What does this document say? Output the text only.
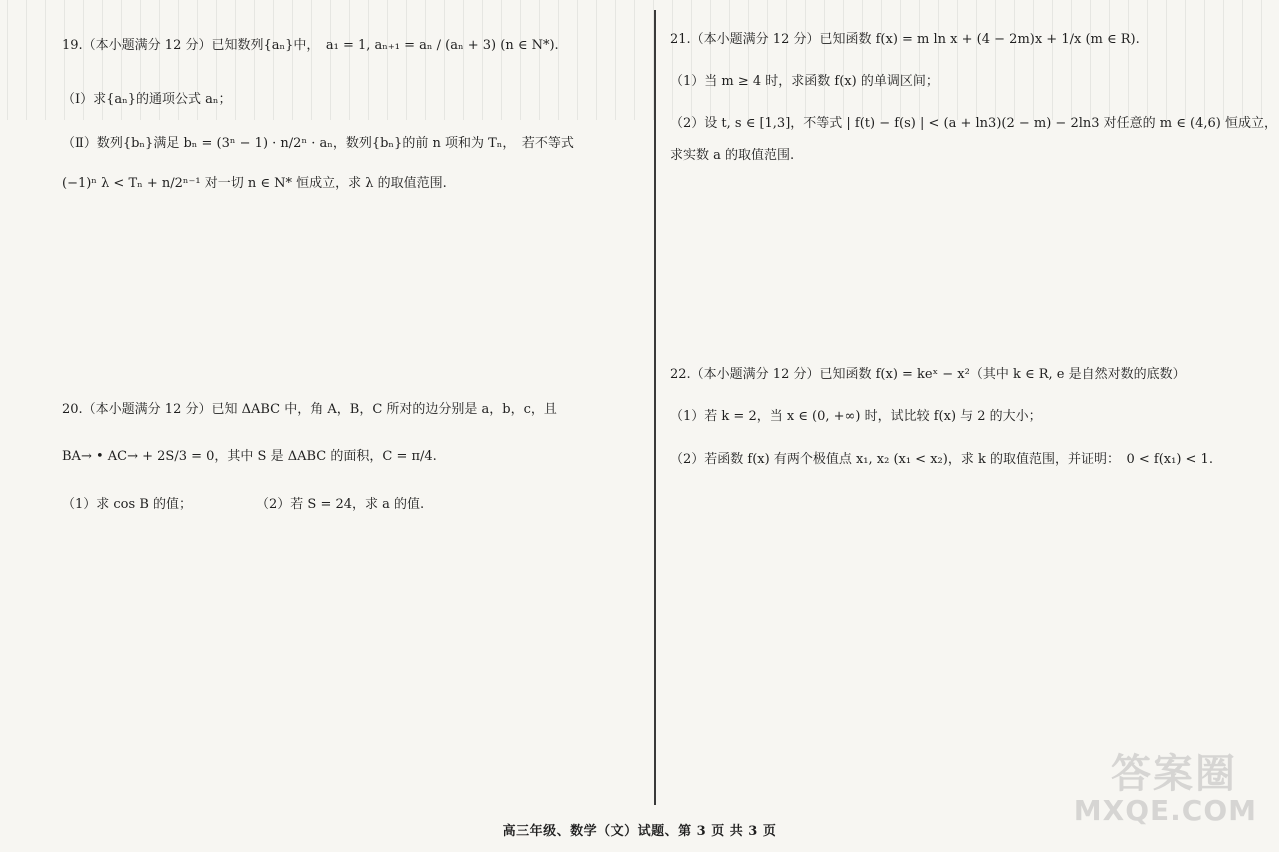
19.（本小题满分 12 分）已知数列{aₙ}中，　a₁ = 1, aₙ₊₁ = aₙ / (aₙ + 3) (n ∈ N*).
（Ⅰ）求{aₙ}的通项公式 aₙ；
（Ⅱ）数列{bₙ}满足 bₙ = (3ⁿ − 1) · n/2ⁿ · aₙ，数列{bₙ}的前 n 项和为 Tₙ，　若不等式
(−1)ⁿ λ < Tₙ + n/2ⁿ⁻¹ 对一切 n ∈ N* 恒成立，求 λ 的取值范围.
20.（本小题满分 12 分）已知 ΔABC 中，角 A，B，C 所对的边分别是 a，b，c，且
BA→ • AC→ + 2S/3 = 0，其中 S 是 ΔABC 的面积，C = π/4.
（1）求 cos B 的值；	（2）若 S = 24，求 a 的值.
21.（本小题满分 12 分）已知函数 f(x) = m ln x + (4 − 2m)x + 1/x (m ∈ R).
（1）当 m ≥ 4 时，求函数 f(x) 的单调区间；
（2）设 t, s ∈ [1,3]，不等式 | f(t) − f(s) | < (a + ln3)(2 − m) − 2ln3 对任意的 m ∈ (4,6) 恒成立，
求实数 a 的取值范围.
22.（本小题满分 12 分）已知函数 f(x) = keˣ − x²（其中 k ∈ R, e 是自然对数的底数）
（1）若 k = 2，当 x ∈ (0, +∞) 时，试比较 f(x) 与 2 的大小；
（2）若函数 f(x) 有两个极值点 x₁, x₂ (x₁ < x₂)，求 k 的取值范围，并证明：　0 < f(x₁) < 1.
高三年级、数学（文）试题、第 3 页 共 3 页
答案圈
MXQE.COM
